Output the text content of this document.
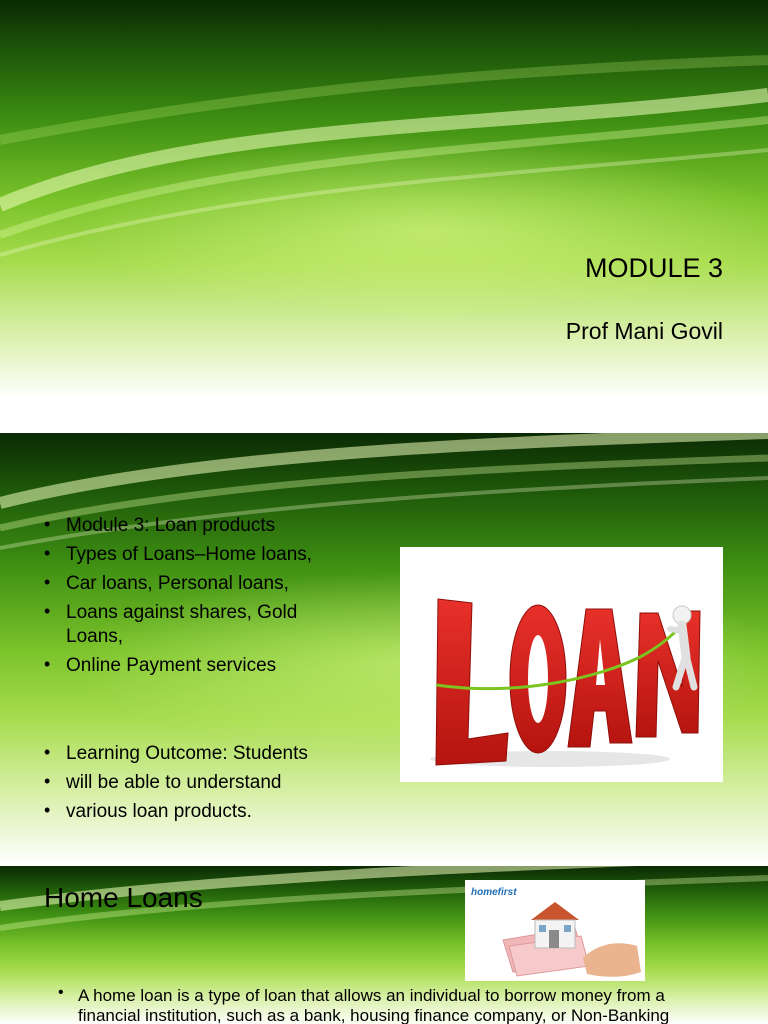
MODULE 3
Prof Mani Govil
• Module 3: Loan products
• Types of Loans–Home loans,
• Car loans, Personal loans,
• Loans against shares, Gold Loans,
• Online Payment services
• Learning Outcome: Students
• will be able to understand
• various loan products.
Home Loans	homefirst
• A home loan is a type of loan that allows an individual to borrow money from a financial institution, such as a bank, housing finance company, or Non-Banking
